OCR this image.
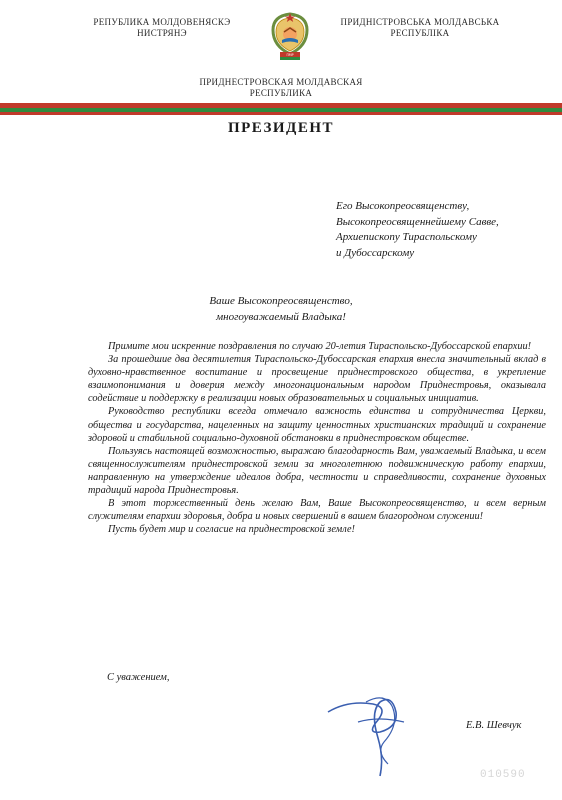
РЕПУБЛИКА МОЛДОВЕНЯСКЭ
НИСТРЯНЭ
ПМР
ПРИДНІСТРОВСЬКА МОЛДАВСЬКА
РЕСПУБЛІКА
ПРИДНЕСТРОВСКАЯ МОЛДАВСКАЯ
РЕСПУБЛИКА
ПРЕЗИДЕНТ
Его Высокопреосвященству,
Высокопреосвященнейшему Савве,
Архиепископу Тираспольскому
и Дубоссарскому
Ваше Высокопреосвященство,
многоуважаемый Владыка!

Примите мои искренние поздравления по случаю 20-летия Тираспольско-Дубоссарской епархии!

За прошедшие два десятилетия Тираспольско-Дубоссарская епархия внесла значительный вклад в духовно-нравственное воспитание и просвещение приднестровского общества, в укрепление взаимопонимания и доверия между многонациональным народом Приднестровья, оказывала содействие и поддержку в реализации новых образовательных и социальных инициатив.

Руководство республики всегда отмечало важность единства и сотрудничества Церкви, общества и государства, нацеленных на защиту ценностных христианских традиций и сохранение здоровой и стабильной социально-духовной обстановки в приднестровском обществе.

Пользуясь настоящей возможностью, выражаю благодарность Вам, уважаемый Владыка, и всем священнослужителям приднестровской земли за многолетнюю подвижническую работу епархии, направленную на утверждение идеалов добра, честности и справедливости, сохранение духовных традиций народа Приднестровья.

В этот торжественный день желаю Вам, Ваше Высокопреосвященство, и всем верным служителям епархии здоровья, добра и новых свершений в вашем благородном служении!

Пусть будет мир и согласие на приднестровской земле!

С уважением,
Е.В. Шевчук
010590
